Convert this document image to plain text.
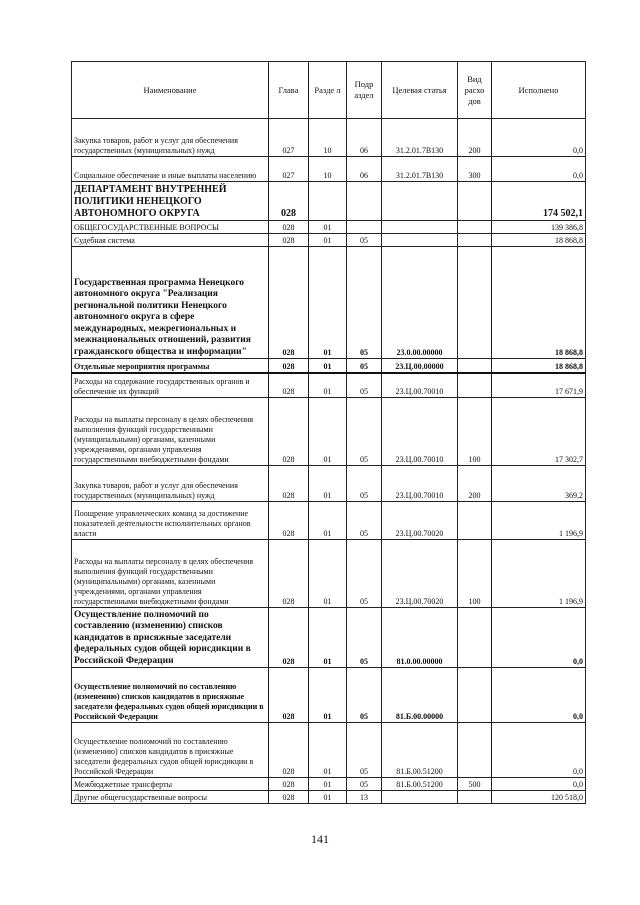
Наименование	Глава	Разде л	Подр аздел	Целевая статья	Вид расхо дов	Исполнено
Закупка товаров, работ и услуг для обеспечения государственных (муниципальных) нужд	027	10	06	31.2.01.7В130	200	0,0
Социальное обеспечение и иные выплаты населению	027	10	06	31.2.01.7В130	300	0,0
ДЕПАРТАМЕНТ ВНУТРЕННЕЙ ПОЛИТИКИ НЕНЕЦКОГО АВТОНОМНОГО ОКРУГА	028					174 502,1
ОБЩЕГОСУДАРСТВЕННЫЕ ВОПРОСЫ	028	01				139 386,8
Судебная система	028	01	05			18 868,8
Государственная программа Ненецкого автономного округа "Реализация региональной политики Ненецкого автономного округа в сфере международных, межрегиональных и межнациональных отношений, развития гражданского общества и информации"	028	01	05	23.0.00.00000		18 868,8
Отдельные мероприятия программы	028	01	05	23.Ц.00.00000		18 868,8
Расходы на содержание государственных органов и обеспечение их функций	028	01	05	23.Ц.00.70010		17 671,9
Расходы на выплаты персоналу в целях обеспечения выполнения функций государственными (муниципальными) органами, казенными учреждениями, органами управления государственными внебюджетными фондами	028	01	05	23.Ц.00.70010	100	17 302,7
Закупка товаров, работ и услуг для обеспечения государственных (муниципальных) нужд	028	01	05	23.Ц.00.70010	200	369,2
Поощрение управленческих команд за достижение показателей деятельности исполнительных органов власти	028	01	05	23.Ц.00.70020		1 196,9
Расходы на выплаты персоналу в целях обеспечения выполнения функций государственными (муниципальными) органами, казенными учреждениями, органами управления государственными внебюджетными фондами	028	01	05	23.Ц.00.70020	100	1 196,9
Осуществление полномочий по составлению (изменению) списков кандидатов в присяжные заседатели федеральных судов общей юрисдикции в Российской Федерации	028	01	05	81.0.00.00000		0,0
Осуществление полномочий по составлению (изменению) списков кандидатов в присяжные заседатели федеральных судов общей юрисдикции в Российской Федерации	028	01	05	81.Б.00.00000		0,0
Осуществление полномочий по составлению (изменению) списков кандидатов в присяжные заседатели федеральных судов общей юрисдикции в Российской Федерации	028	01	05	81.Б.00.51200		0,0
Межбюджетные трансферты	028	01	05	81.Б.00.51200	500	0,0
Другие общегосударственные вопросы	028	01	13			120 518,0
141
